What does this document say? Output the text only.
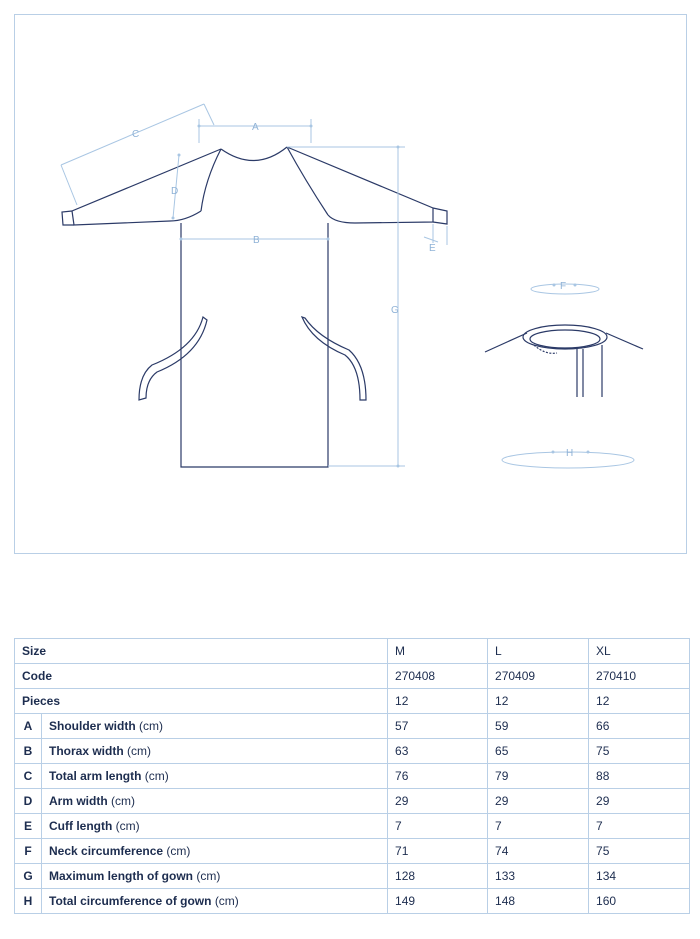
A
B
C
D
E
F
G
H
Size		M	L	XL
Code		270408	270409	270410
Pieces		12	12	12
A	Shoulder width (cm)	57	59	66
B	Thorax width (cm)	63	65	75
C	Total arm length (cm)	76	79	88
D	Arm width (cm)	29	29	29
E	Cuff length (cm)	7	7	7
F	Neck circumference (cm)	71	74	75
G	Maximum length of gown (cm)	128	133	134
H	Total circumference of gown (cm)	149	148	160
